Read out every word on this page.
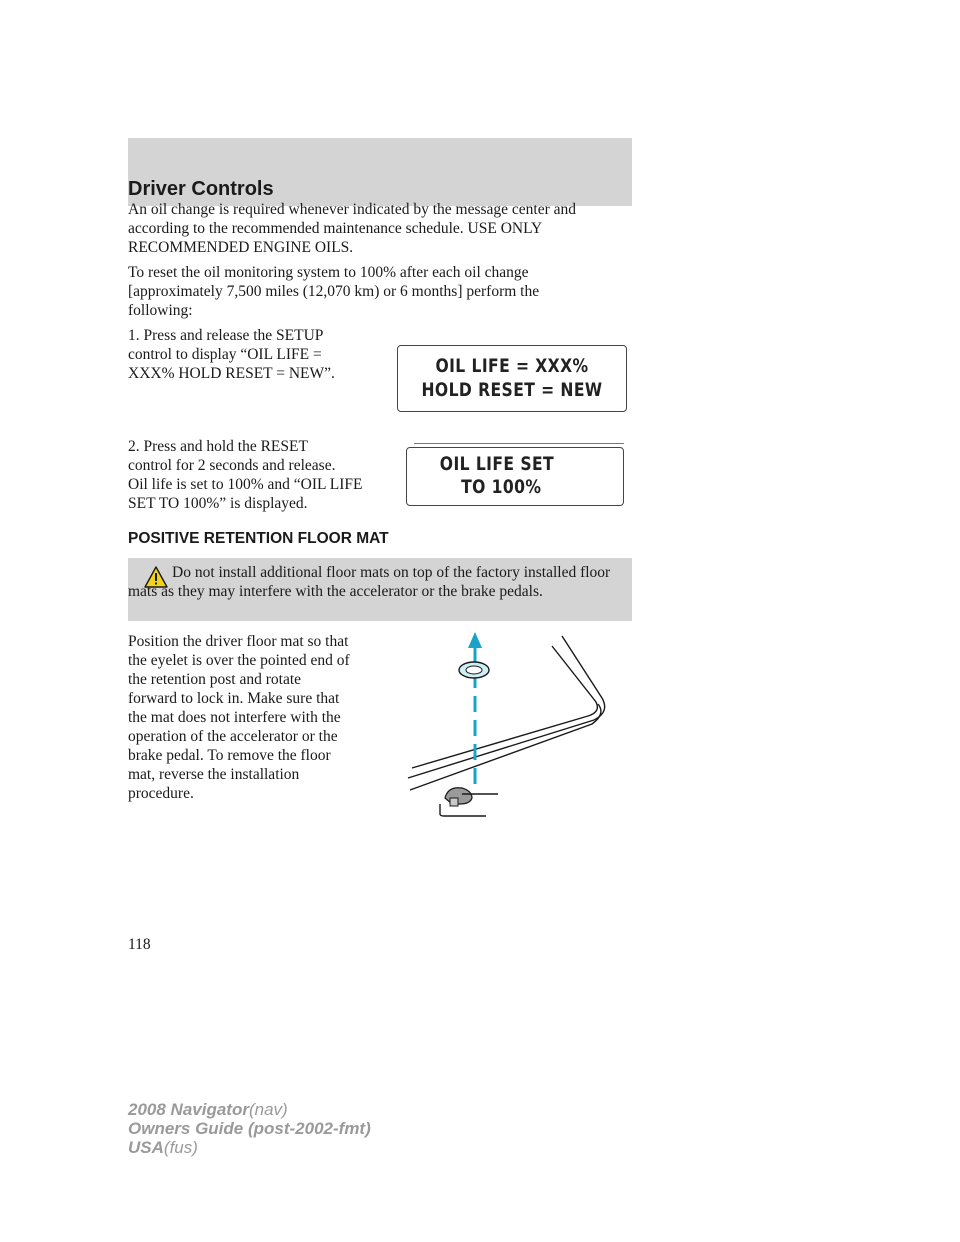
Driver Controls

An oil change is required whenever indicated by the message center and
according to the recommended maintenance schedule. USE ONLY
RECOMMENDED ENGINE OILS.

To reset the oil monitoring system to 100% after each oil change
[approximately 7,500 miles (12,070 km) or 6 months] perform the
following:

1. Press and release the SETUP
control to display “OIL LIFE =
XXX% HOLD RESET = NEW”.	OIL LIFE = XXX%
HOLD RESET = NEW

2. Press and hold the RESET
control for 2 seconds and release.
Oil life is set to 100% and “OIL LIFE
SET TO 100%” is displayed.

OIL LIFE SET
TO 100%
POSITIVE RETENTION FLOOR MAT

Do not install additional floor mats on top of the factory installed floor mats as they may interfere with the accelerator or the brake pedals.

Position the driver floor mat so that
the eyelet is over the pointed end of
the retention post and rotate
forward to lock in. Make sure that
the mat does not interfere with the
operation of the accelerator or the
brake pedal. To remove the floor
mat, reverse the installation
procedure.

118
2008 Navigator(nav)
Owners Guide (post-2002-fmt)
USA(fus)
